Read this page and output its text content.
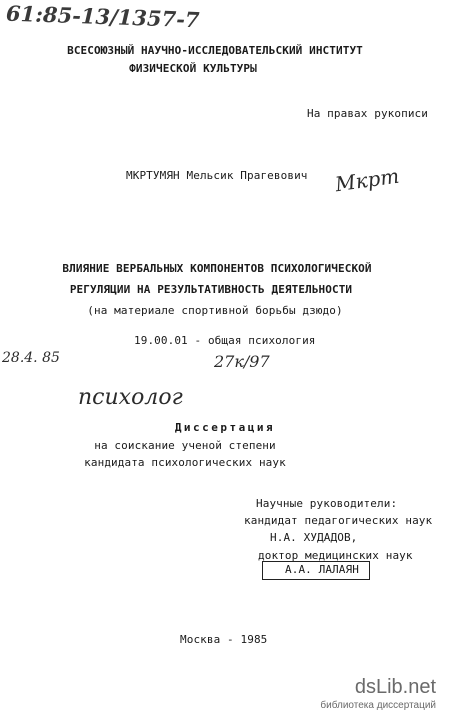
61:85-13/1357-7
ВСЕСОЮЗНЫЙ НАУЧНО-ИССЛЕДОВАТЕЛЬСКИЙ ИНСТИТУТ
ФИЗИЧЕСКОЙ КУЛЬТУРЫ
На правах рукописи
МКРТУМЯН Мельсик Прагевович Мкрт
ВЛИЯНИЕ ВЕРБАЛЬНЫХ КОМПОНЕНТОВ ПСИХОЛОГИЧЕСКОЙ
РЕГУЛЯЦИИ НА РЕЗУЛЬТАТИВНОСТЬ ДЕЯТЕЛЬНОСТИ
(на материале спортивной борьбы дзюдо)
28.4. 85
19.00.01 - общая психология
27к/97
психолог
Диссертация
на соискание ученой степени
кандидата психологических наук
Научные руководители:
кандидат педагогических наук
Н.А. ХУДАДОВ,
доктор медицинских наук
А.А. ЛАЛАЯН
Москва - 1985
dsLib.net
библиотека диссертаций
